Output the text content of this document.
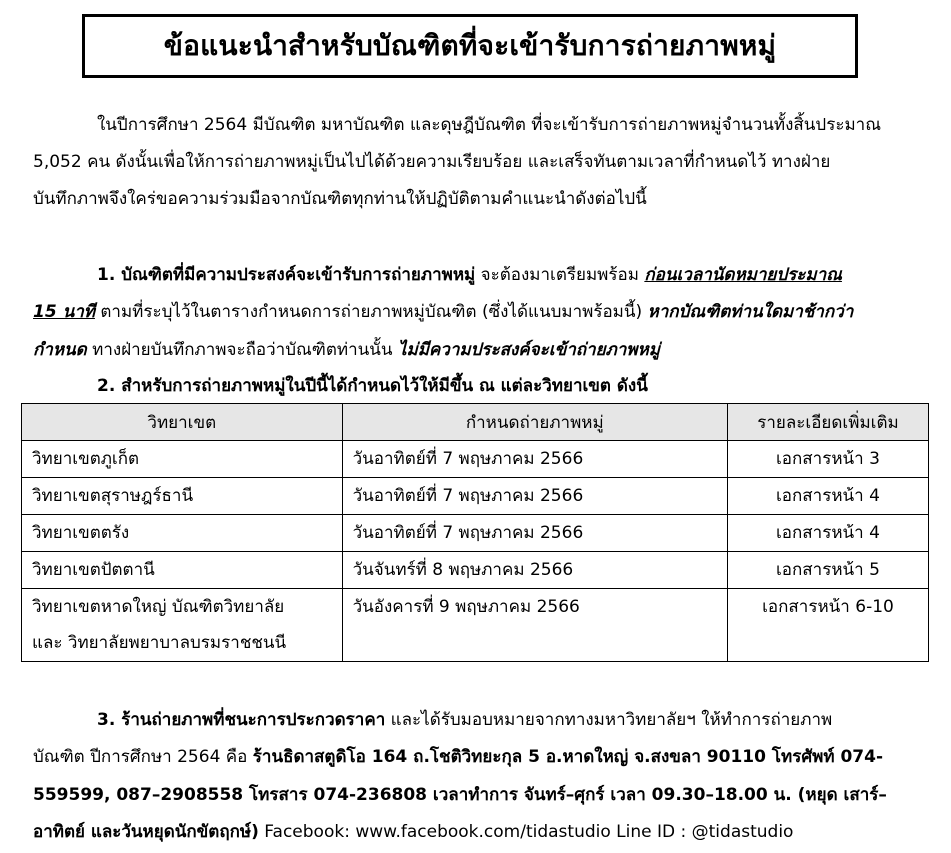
ข้อแนะนำสำหรับบัณฑิตที่จะเข้ารับการถ่ายภาพหมู่
ในปีการศึกษา 2564 มีบัณฑิต มหาบัณฑิต และดุษฎีบัณฑิต ที่จะเข้ารับการถ่ายภาพหมู่จำนวนทั้งสิ้นประมาณ
5,052 คน ดังนั้นเพื่อให้การถ่ายภาพหมู่เป็นไปได้ด้วยความเรียบร้อย และเสร็จทันตามเวลาที่กำหนดไว้ ทางฝ่าย
บันทึกภาพจึงใคร่ขอความร่วมมือจากบัณฑิตทุกท่านให้ปฏิบัติตามคำแนะนำดังต่อไปนี้
1. บัณฑิตที่มีความประสงค์จะเข้ารับการถ่ายภาพหมู่ จะต้องมาเตรียมพร้อม ก่อนเวลานัดหมายประมาณ
15 นาที ตามที่ระบุไว้ในตารางกำหนดการถ่ายภาพหมู่บัณฑิต (ซึ่งได้แนบมาพร้อมนี้) หากบัณฑิตท่านใดมาช้ากว่า
กำหนด ทางฝ่ายบันทึกภาพจะถือว่าบัณฑิตท่านนั้น ไม่มีความประสงค์จะเข้าถ่ายภาพหมู่
2. สำหรับการถ่ายภาพหมู่ในปีนี้ได้กำหนดไว้ให้มีขึ้น ณ แต่ละวิทยาเขต ดังนี้
วิทยาเขต	กำหนดถ่ายภาพหมู่	รายละเอียดเพิ่มเติม
วิทยาเขตภูเก็ต	วันอาทิตย์ที่ 7 พฤษภาคม 2566	เอกสารหน้า 3
วิทยาเขตสุราษฎร์ธานี	วันอาทิตย์ที่ 7 พฤษภาคม 2566	เอกสารหน้า 4
วิทยาเขตตรัง	วันอาทิตย์ที่ 7 พฤษภาคม 2566	เอกสารหน้า 4
วิทยาเขตปัตตานี	วันจันทร์ที่ 8 พฤษภาคม 2566	เอกสารหน้า 5

วิทยาเขตหาดใหญ่ บัณฑิตวิทยาลัย
และ วิทยาลัยพยาบาลบรมราชชนนี	วันอังคารที่ 9 พฤษภาคม 2566	เอกสารหน้า 6-10
3. ร้านถ่ายภาพที่ชนะการประกวดราคา และได้รับมอบหมายจากทางมหาวิทยาลัยฯ ให้ทำการถ่ายภาพ
บัณฑิต ปีการศึกษา 2564 คือ ร้านธิดาสตูดิโอ 164 ถ.โชติวิทยะกุล 5 อ.หาดใหญ่ จ.สงขลา 90110 โทรศัพท์ 074-
559599, 087–2908558 โทรสาร 074-236808 เวลาทำการ จันทร์–ศุกร์ เวลา 09.30–18.00 น. (หยุด เสาร์–
อาทิตย์ และวันหยุดนักขัตฤกษ์) Facebook: www.facebook.com/tidastudio Line ID : @tidastudio
